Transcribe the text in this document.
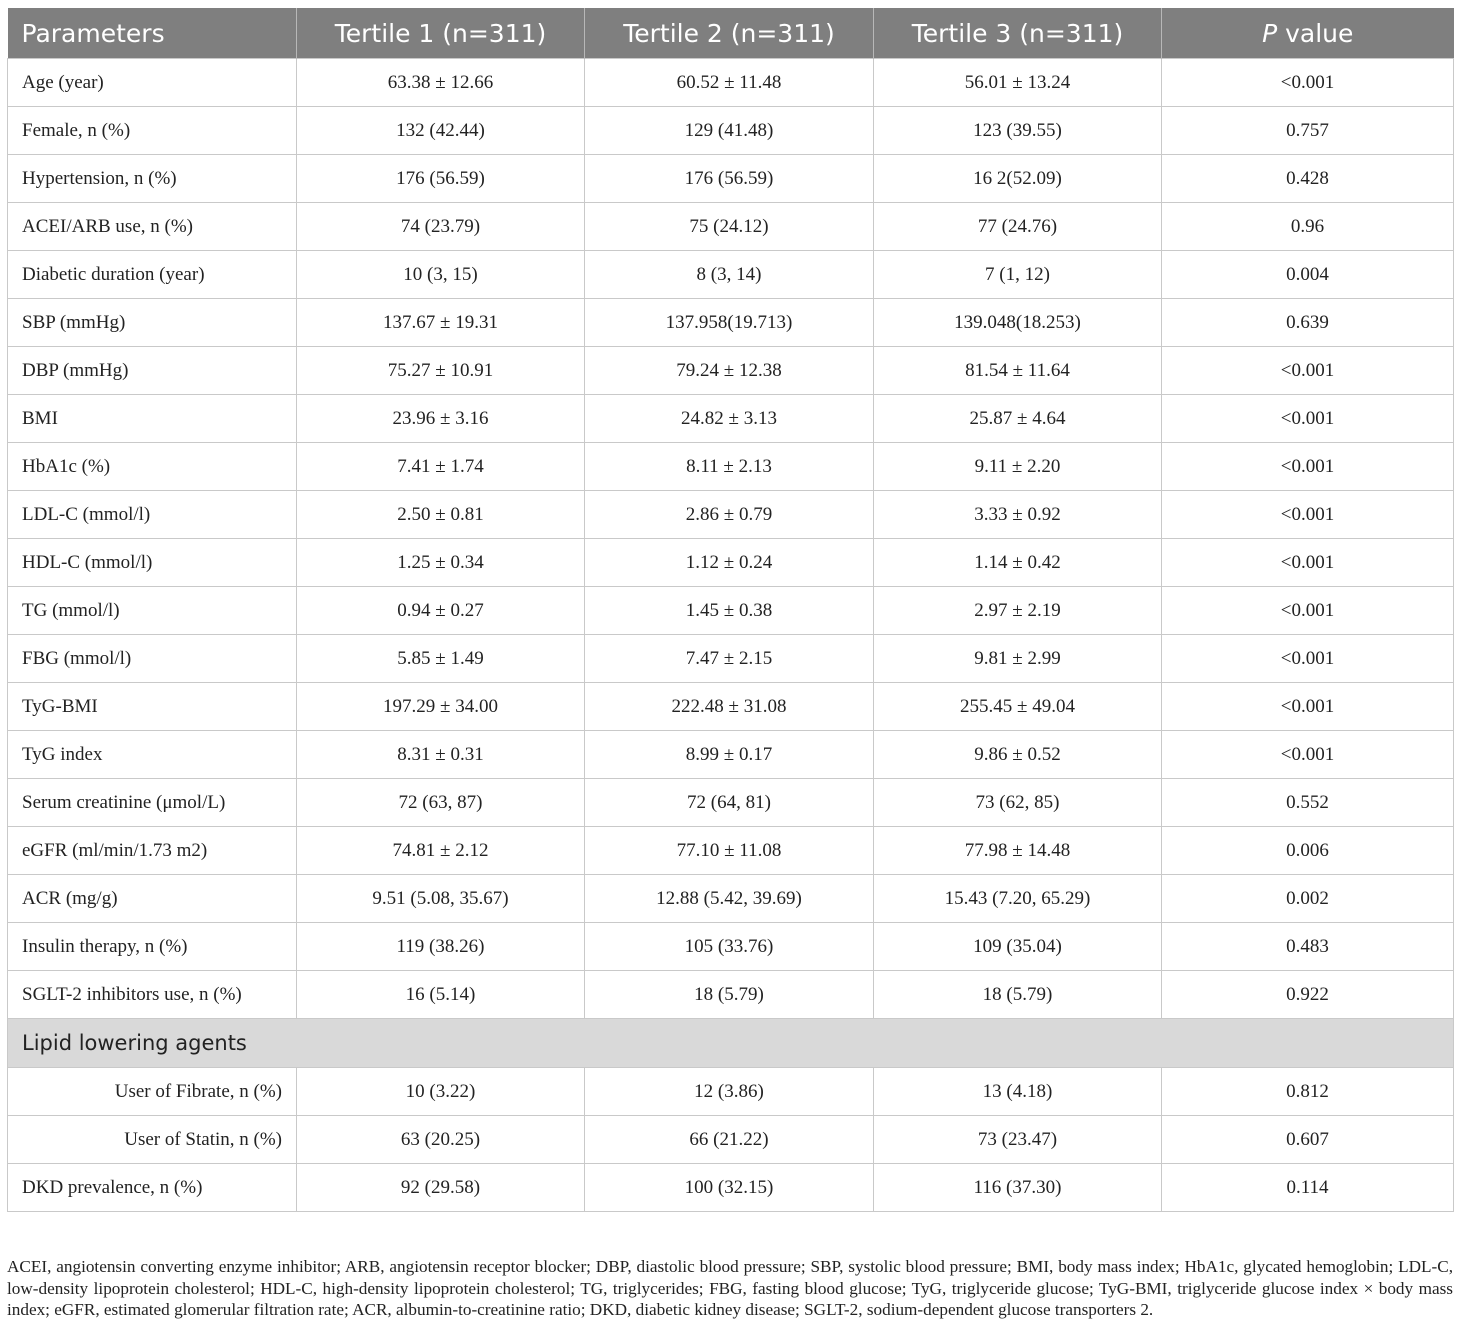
Parameters	Tertile 1 (n=311)	Tertile 2 (n=311)	Tertile 3 (n=311)	P value
Age (year)	63.38 ± 12.66	60.52 ± 11.48	56.01 ± 13.24	<0.001
Female, n (%)	132 (42.44)	129 (41.48)	123 (39.55)	0.757
Hypertension, n (%)	176 (56.59)	176 (56.59)	16 2(52.09)	0.428
ACEI/ARB use, n (%)	74 (23.79)	75 (24.12)	77 (24.76)	0.96
Diabetic duration (year)	10 (3, 15)	8 (3, 14)	7 (1, 12)	0.004
SBP (mmHg)	137.67 ± 19.31	137.958(19.713)	139.048(18.253)	0.639
DBP (mmHg)	75.27 ± 10.91	79.24 ± 12.38	81.54 ± 11.64	<0.001
BMI	23.96 ± 3.16	24.82 ± 3.13	25.87 ± 4.64	<0.001
HbA1c (%)	7.41 ± 1.74	8.11 ± 2.13	9.11 ± 2.20	<0.001
LDL-C (mmol/l)	2.50 ± 0.81	2.86 ± 0.79	3.33 ± 0.92	<0.001
HDL-C (mmol/l)	1.25 ± 0.34	1.12 ± 0.24	1.14 ± 0.42	<0.001
TG (mmol/l)	0.94 ± 0.27	1.45 ± 0.38	2.97 ± 2.19	<0.001
FBG (mmol/l)	5.85 ± 1.49	7.47 ± 2.15	9.81 ± 2.99	<0.001
TyG-BMI	197.29 ± 34.00	222.48 ± 31.08	255.45 ± 49.04	<0.001
TyG index	8.31 ± 0.31	8.99 ± 0.17	9.86 ± 0.52	<0.001
Serum creatinine (μmol/L)	72 (63, 87)	72 (64, 81)	73 (62, 85)	0.552
eGFR (ml/min/1.73 m2)	74.81 ± 2.12	77.10 ± 11.08	77.98 ± 14.48	0.006
ACR (mg/g)	9.51 (5.08, 35.67)	12.88 (5.42, 39.69)	15.43 (7.20, 65.29)	0.002
Insulin therapy, n (%)	119 (38.26)	105 (33.76)	109 (35.04)	0.483
SGLT-2 inhibitors use, n (%)	16 (5.14)	18 (5.79)	18 (5.79)	0.922
Lipid lowering agents				
User of Fibrate, n (%)	10 (3.22)	12 (3.86)	13 (4.18)	0.812
User of Statin, n (%)	63 (20.25)	66 (21.22)	73 (23.47)	0.607
DKD prevalence, n (%)	92 (29.58)	100 (32.15)	116 (37.30)	0.114
ACEI, angiotensin converting enzyme inhibitor; ARB, angiotensin receptor blocker; DBP, diastolic blood pressure; SBP, systolic blood pressure; BMI, body mass index; HbA1c, glycated hemoglobin; LDL-C, low-density lipoprotein cholesterol; HDL-C, high-density lipoprotein cholesterol; TG, triglycerides; FBG, fasting blood glucose; TyG, triglyceride glucose; TyG-BMI, triglyceride glucose index × body mass index; eGFR, estimated glomerular filtration rate; ACR, albumin-to-creatinine ratio; DKD, diabetic kidney disease; SGLT-2, sodium-dependent glucose transporters 2.
